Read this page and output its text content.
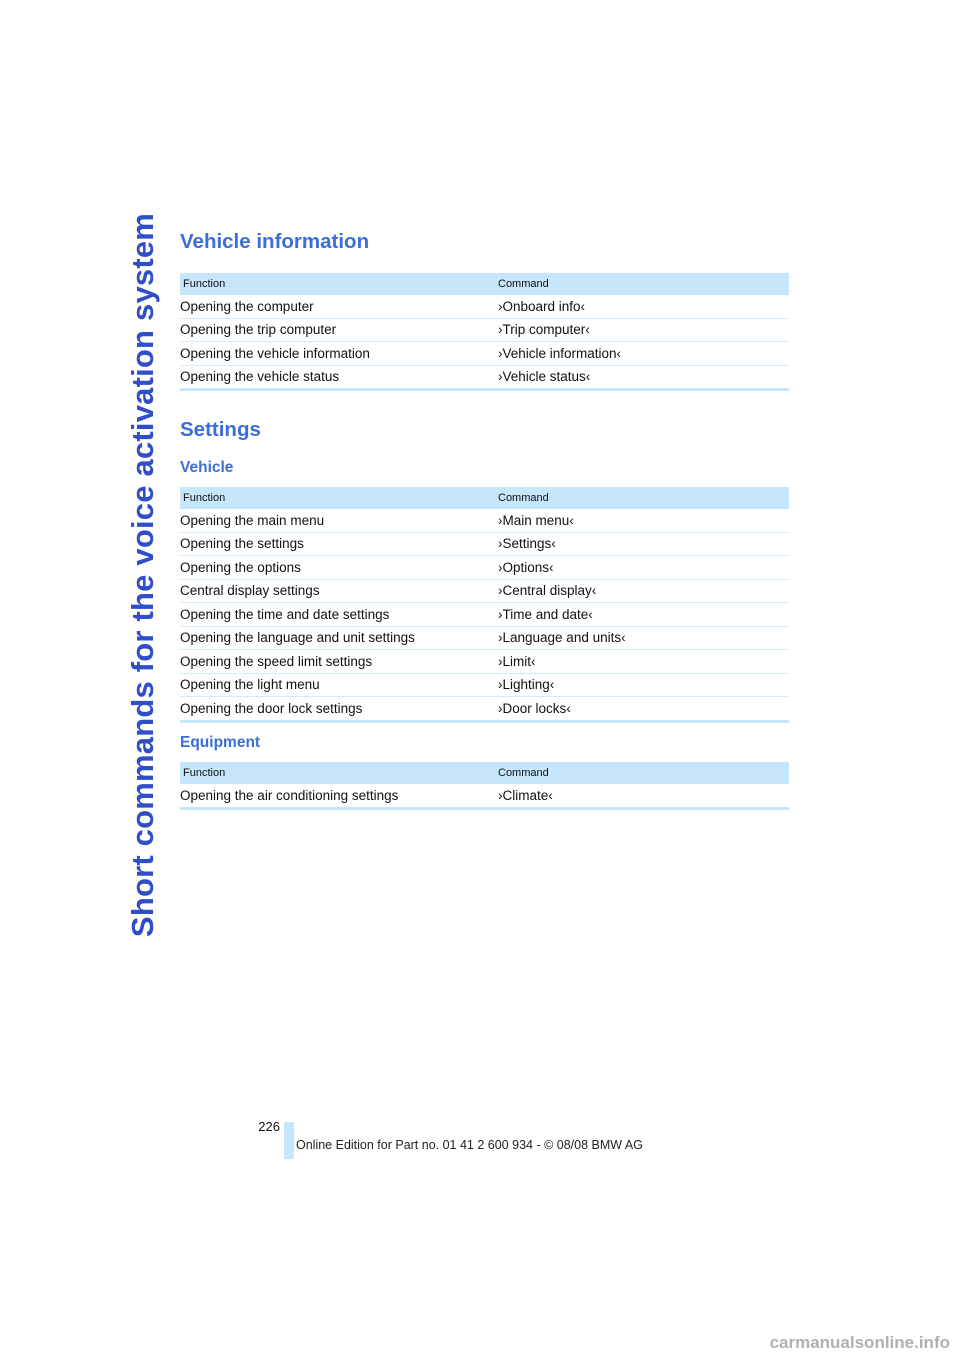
Short commands for the voice activation system Vehicle information
Function	Command
Opening the computer	›Onboard info‹
Opening the trip computer	›Trip computer‹
Opening the vehicle information	›Vehicle information‹
Opening the vehicle status	›Vehicle status‹
Settings
Vehicle
Function	Command
Opening the main menu	›Main menu‹
Opening the settings	›Settings‹
Opening the options	›Options‹
Central display settings	›Central display‹
Opening the time and date settings	›Time and date‹
Opening the language and unit settings	›Language and units‹
Opening the speed limit settings	›Limit‹
Opening the light menu	›Lighting‹
Opening the door lock settings	›Door locks‹
Equipment
Function	Command
Opening the air conditioning settings	›Climate‹
226
Online Edition for Part no. 01 41 2 600 934 - © 08/08 BMW AG
carmanualsonline.info
